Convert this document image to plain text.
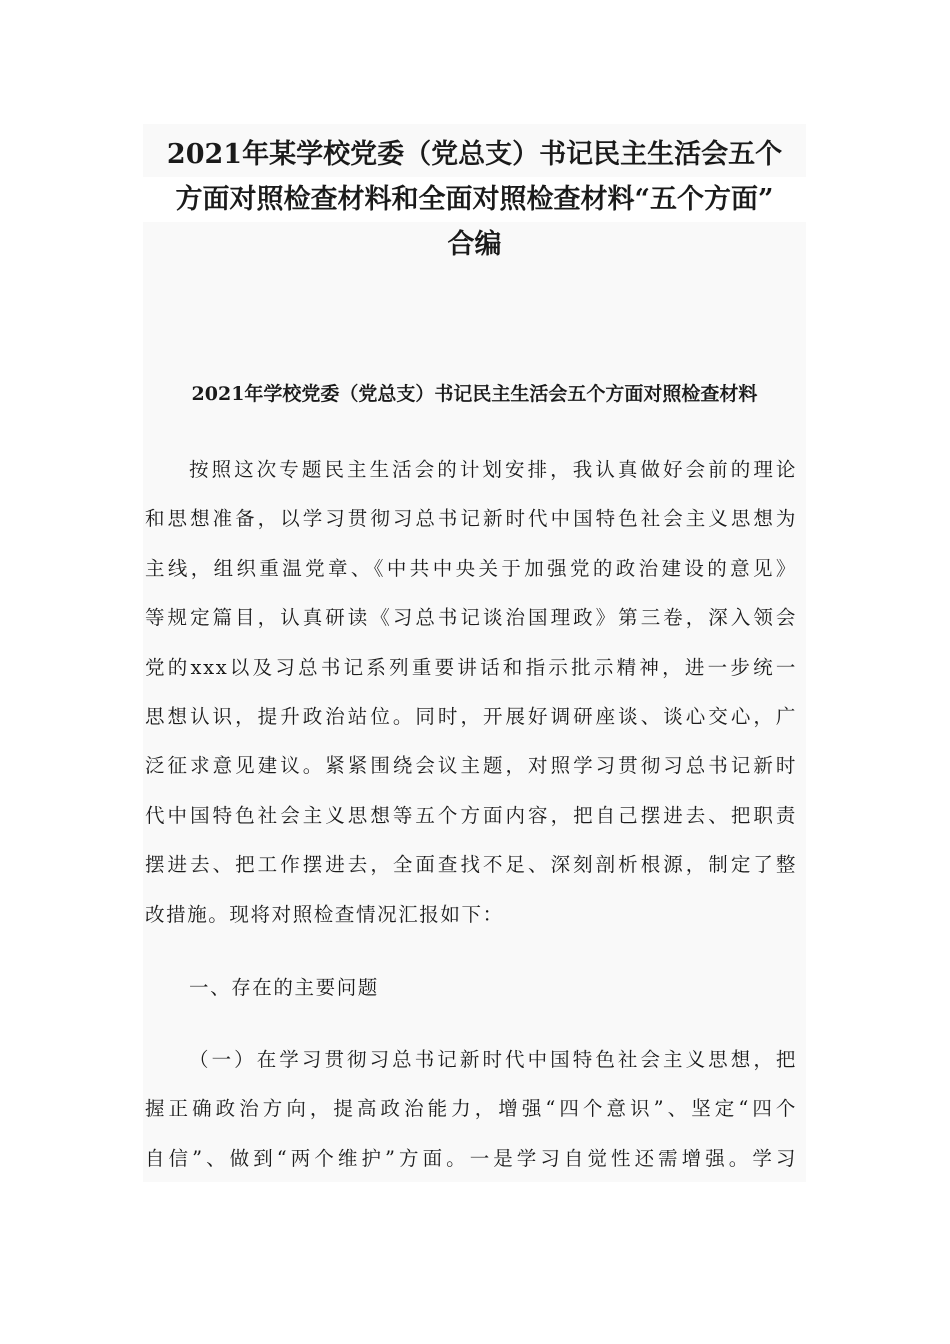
2021年某学校党委（党总支）书记民主生活会五个
方面对照检查材料和全面对照检查材料“五个方面”
合编
2021年学校党委（党总支）书记民主生活会五个方面对照检查材料
按照这次专题民主生活会的计划安排，我认真做好会前的理论
和思想准备，以学习贯彻习总书记新时代中国特色社会主义思想为
主线，组织重温党章、《中共中央关于加强党的政治建设的意见》
等规定篇目，认真研读《习总书记谈治国理政》第三卷，深入领会
党的xxx以及习总书记系列重要讲话和指示批示精神，进一步统一
思想认识，提升政治站位。同时，开展好调研座谈、谈心交心，广
泛征求意见建议。紧紧围绕会议主题，对照学习贯彻习总书记新时
代中国特色社会主义思想等五个方面内容，把自己摆进去、把职责
摆进去、把工作摆进去，全面查找不足、深刻剖析根源，制定了整
改措施。现将对照检查情况汇报如下：
一、存在的主要问题
（一）在学习贯彻习总书记新时代中国特色社会主义思想，把
握正确政治方向，提高政治能力，增强“四个意识”、坚定“四个
自信”、做到“两个维护”方面。一是学习自觉性还需增强。学习
